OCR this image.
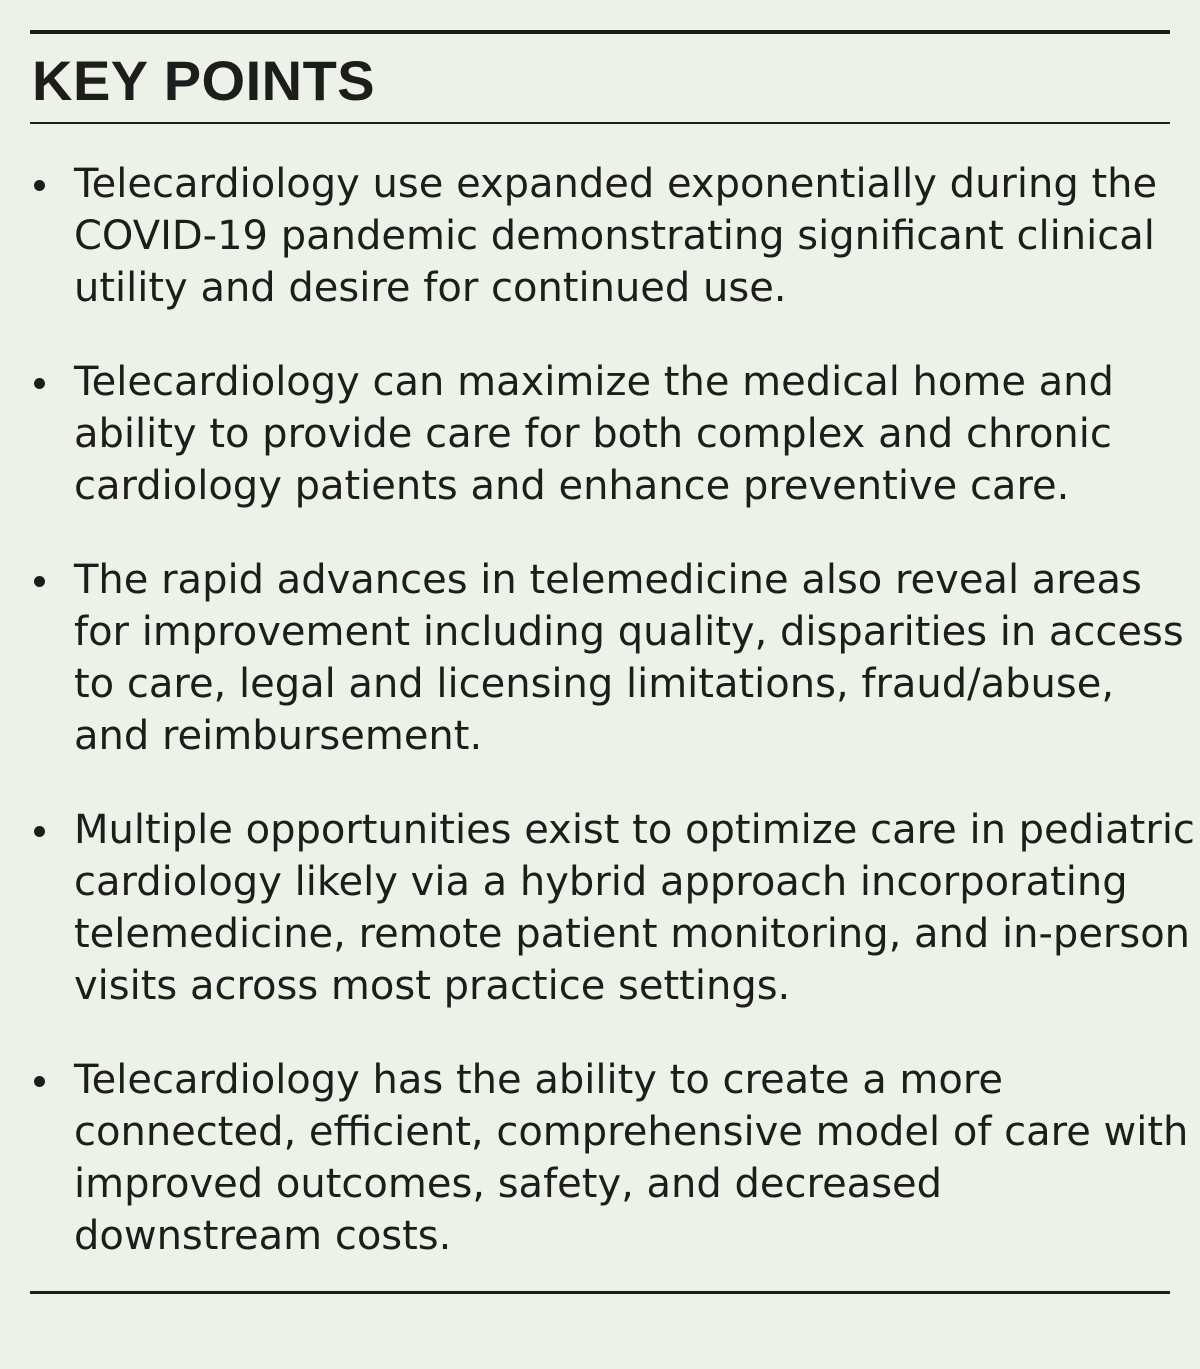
KEY POINTS
Telecardiology use expanded exponentially during the
COVID-19 pandemic demonstrating significant clinical
utility and desire for continued use.
Telecardiology can maximize the medical home and
ability to provide care for both complex and chronic
cardiology patients and enhance preventive care.
The rapid advances in telemedicine also reveal areas
for improvement including quality, disparities in access
to care, legal and licensing limitations, fraud/abuse,
and reimbursement.
Multiple opportunities exist to optimize care in pediatric
cardiology likely via a hybrid approach incorporating
telemedicine, remote patient monitoring, and in-person
visits across most practice settings.
Telecardiology has the ability to create a more
connected, efficient, comprehensive model of care with
improved outcomes, safety, and decreased
downstream costs.
